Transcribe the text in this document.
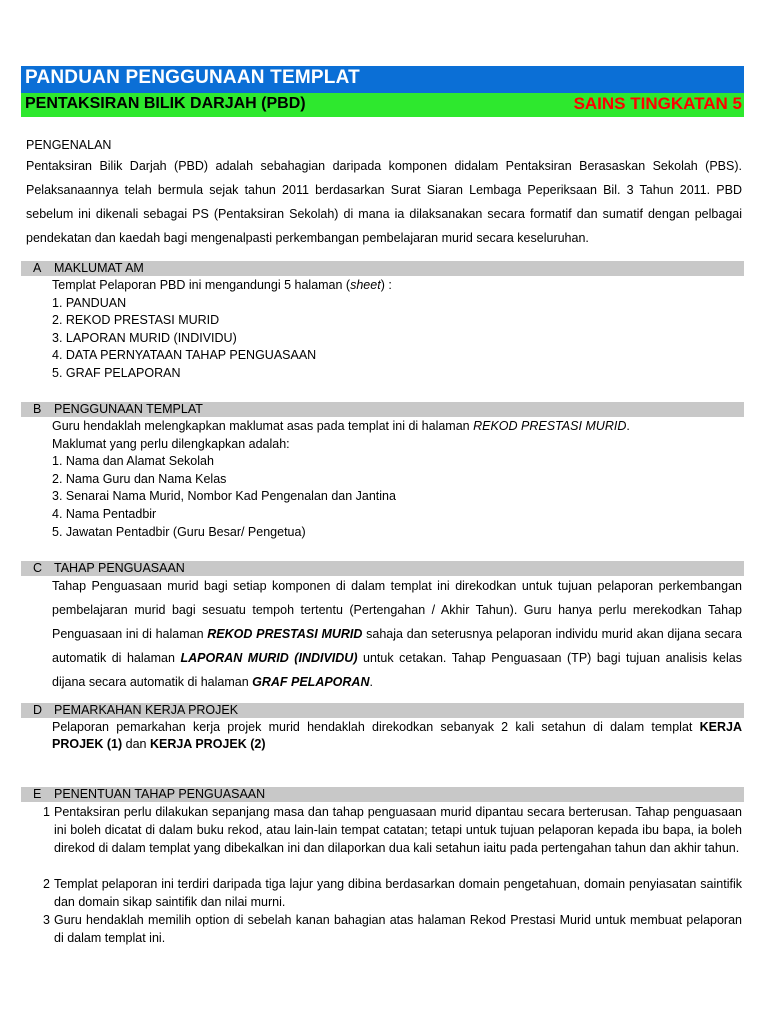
PANDUAN PENGGUNAAN TEMPLAT
PENTAKSIRAN BILIK DARJAH (PBD)	SAINS TINGKATAN 5
PENGENALAN
Pentaksiran Bilik Darjah (PBD) adalah sebahagian daripada komponen didalam Pentaksiran Berasaskan Sekolah (PBS). Pelaksanaannya telah bermula sejak tahun 2011 berdasarkan Surat Siaran Lembaga Peperiksaan Bil. 3 Tahun 2011. PBD sebelum ini dikenali sebagai PS (Pentaksiran Sekolah) di mana ia dilaksanakan secara formatif dan sumatif dengan pelbagai pendekatan dan kaedah bagi mengenalpasti perkembangan pembelajaran murid secara keseluruhan.
A MAKLUMAT AM
Templat Pelaporan PBD ini mengandungi 5 halaman (sheet) :
1. PANDUAN
2. REKOD PRESTASI MURID
3. LAPORAN MURID (INDIVIDU)
4. DATA PERNYATAAN TAHAP PENGUASAAN
5. GRAF PELAPORAN
B PENGGUNAAN TEMPLAT
Guru hendaklah melengkapkan maklumat asas pada templat ini di halaman REKOD PRESTASI MURID.
Maklumat yang perlu dilengkapkan adalah:
1. Nama dan Alamat Sekolah
2. Nama Guru dan Nama Kelas
3. Senarai Nama Murid, Nombor Kad Pengenalan dan Jantina
4. Nama Pentadbir
5. Jawatan Pentadbir (Guru Besar/ Pengetua)
C TAHAP PENGUASAAN
Tahap Penguasaan murid bagi setiap komponen di dalam templat ini direkodkan untuk tujuan pelaporan perkembangan pembelajaran murid bagi sesuatu tempoh tertentu (Pertengahan / Akhir Tahun). Guru hanya perlu merekodkan Tahap Penguasaan ini di halaman REKOD PRESTASI MURID sahaja dan seterusnya pelaporan individu murid akan dijana secara automatik di halaman LAPORAN MURID (INDIVIDU) untuk cetakan. Tahap Penguasaan (TP) bagi tujuan analisis kelas dijana secara automatik di halaman GRAF PELAPORAN.
D PEMARKAHAN KERJA PROJEK
Pelaporan pemarkahan kerja projek murid hendaklah direkodkan sebanyak 2 kali setahun di dalam templat KERJA PROJEK (1) dan KERJA PROJEK (2)
E PENENTUAN TAHAP PENGUASAAN
1 Pentaksiran perlu dilakukan sepanjang masa dan tahap penguasaan murid dipantau secara berterusan. Tahap penguasaan ini boleh dicatat di dalam buku rekod, atau lain-lain tempat catatan; tetapi untuk tujuan pelaporan kepada ibu bapa, ia boleh direkod di dalam templat yang dibekalkan ini dan dilaporkan dua kali setahun iaitu pada pertengahan tahun dan akhir tahun.
2 Templat pelaporan ini terdiri daripada tiga lajur yang dibina berdasarkan domain pengetahuan, domain penyiasatan saintifik dan domain sikap saintifik dan nilai murni.
3 Guru hendaklah memilih option di sebelah kanan bahagian atas halaman Rekod Prestasi Murid untuk membuat pelaporan di dalam templat ini.
